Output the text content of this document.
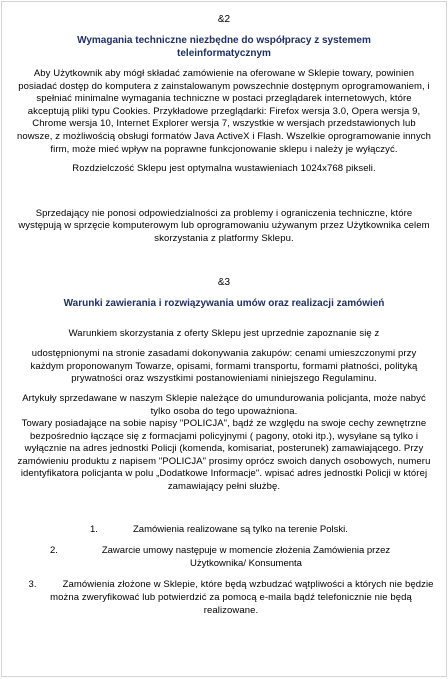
&2

Wymagania techniczne niezbędne do współpracy z systemem teleinformatycznym

Aby Użytkownik aby mógł składać zamówienie na oferowane w Sklepie towary, powinien posiadać dostęp do komputera z zainstalowanym powszechnie dostępnym oprogramowaniem, i spełniać minimalne wymagania techniczne w postaci przeglądarek internetowych, które akceptują pliki typu Cookies. Przykładowe przeglądarki: Firefox wersja 3.0, Opera wersja 9, Chrome wersja 10, Internet Explorer wersja 7, wszystkie w wersjach przedstawionych lub nowsze, z możliwością obsługi formatów Java ActiveX i Flash. Wszelkie oprogramowanie innych firm, może mieć wpływ na poprawne funkcjonowanie sklepu i należy je wyłączyć.

Rozdzielczość Sklepu jest optymalna wustawieniach 1024x768 pikseli.

Sprzedający nie ponosi odpowiedzialności za problemy i ograniczenia techniczne, które występują w sprzęcie komputerowym lub oprogramowaniu używanym przez Użytkownika celem skorzystania z platformy Sklepu.

&3

Warunki zawierania i rozwiązywania umów oraz realizacji zamówień

Warunkiem skorzystania z oferty Sklepu jest uprzednie zapoznanie się z

udostępnionymi na stronie zasadami dokonywania zakupów: cenami umieszczonymi przy każdym proponowanym Towarze, opisami, formami transportu, formami płatności, polityką prywatności oraz wszystkimi postanowieniami niniejszego Regulaminu.

Artykuły sprzedawane w naszym Sklepie należące do umundurowania policjanta, może nabyć tylko osoba do tego upoważniona.

Towary posiadające na sobie napisy "POLICJA", bądź ze względu na swoje cechy zewnętrzne bezpośrednio łączące się z formacjami policyjnymi ( pagony, otoki itp.), wysyłane są tylko i wyłącznie na adres jednostki Policji (komenda, komisariat, posterunek) zamawiającego. Przy zamówieniu produktu z napisem "POLICJA" prosimy oprócz swoich danych osobowych, numeru identyfikatora policjanta w polu „Dodatkowe Informacje". wpisać adres jednostki Policji w której zamawiający pełni służbę.

1.	Zamówienia realizowane są tylko na terenie Polski.
2.	Zawarcie umowy następuje w momencie złożenia Zamówienia przez Użytkownika/ Konsumenta

3.	Zamówienia złożone w Sklepie, które będą wzbudzać wątpliwości a których nie będzie można zweryfikować lub potwierdzić za pomocą e-maila bądź telefonicznie nie będą realizowane.
